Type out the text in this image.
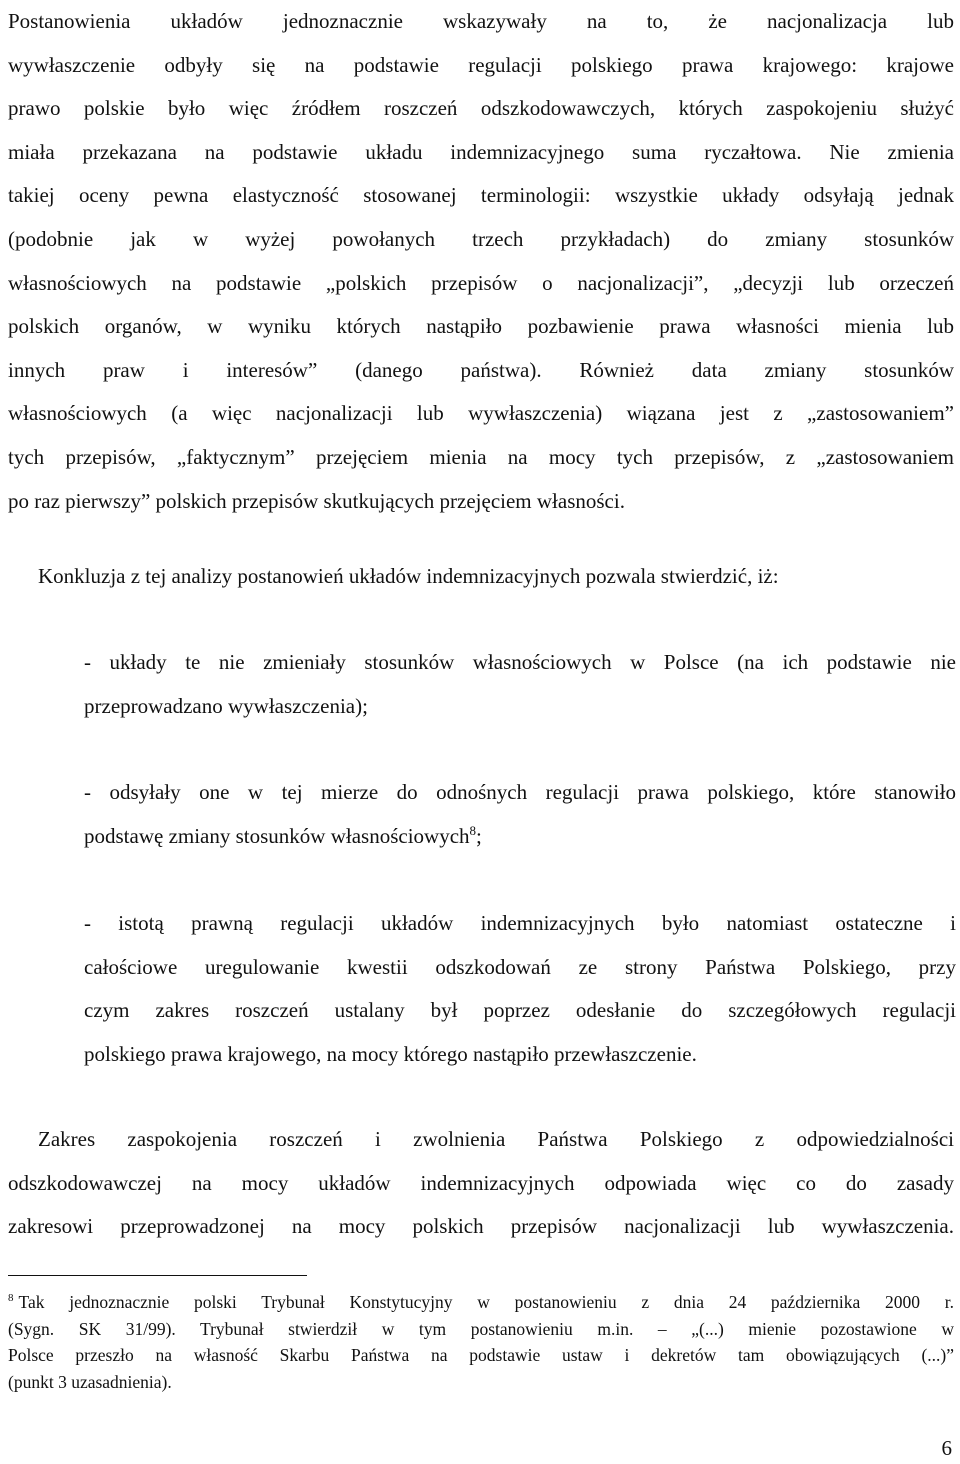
Postanowienia układów jednoznacznie wskazywały na to, że nacjonalizacja lub
wywłaszczenie odbyły się na podstawie regulacji polskiego prawa krajowego: krajowe
prawo polskie było więc źródłem roszczeń odszkodowawczych, których zaspokojeniu służyć
miała przekazana na podstawie układu indemnizacyjnego suma ryczałtowa. Nie zmienia
takiej oceny pewna elastyczność stosowanej terminologii: wszystkie układy odsyłają jednak
(podobnie jak w wyżej powołanych trzech przykładach) do zmiany stosunków
własnościowych na podstawie „polskich przepisów o nacjonalizacji”, „decyzji lub orzeczeń
polskich organów, w wyniku których nastąpiło pozbawienie prawa własności mienia lub
innych praw i interesów” (danego państwa). Również data zmiany stosunków
własnościowych (a więc nacjonalizacji lub wywłaszczenia) wiązana jest z „zastosowaniem”
tych przepisów, „faktycznym” przejęciem mienia na mocy tych przepisów, z „zastosowaniem
po raz pierwszy” polskich przepisów skutkujących przejęciem własności.
Konkluzja z tej analizy postanowień układów indemnizacyjnych pozwala stwierdzić, iż:
- układy te nie zmieniały stosunków własnościowych w Polsce (na ich podstawie nie
przeprowadzano wywłaszczenia);
- odsyłały one w tej mierze do odnośnych regulacji prawa polskiego, które stanowiło
podstawę zmiany stosunków własnościowych$^8$;
- istotą prawną regulacji układów indemnizacyjnych było natomiast ostateczne i
całościowe uregulowanie kwestii odszkodowań ze strony Państwa Polskiego, przy
czym zakres roszczeń ustalany był poprzez odesłanie do szczegółowych regulacji
polskiego prawa krajowego, na mocy którego nastąpiło przewłaszczenie.
Zakres zaspokojenia roszczeń i zwolnienia Państwa Polskiego z odpowiedzialności
odszkodowawczej na mocy układów indemnizacyjnych odpowiada więc co do zasady
zakresowi przeprowadzonej na mocy polskich przepisów nacjonalizacji lub wywłaszczenia.
$^8$ Tak jednoznacznie polski Trybunał Konstytucyjny w postanowieniu z dnia 24 października 2000 r.
(Sygn. SK 31/99). Trybunał stwierdził w tym postanowieniu m.in. – „(...) mienie pozostawione w
Polsce przeszło na własność Skarbu Państwa na podstawie ustaw i dekretów tam obowiązujących (...)”
(punkt 3 uzasadnienia).
6
